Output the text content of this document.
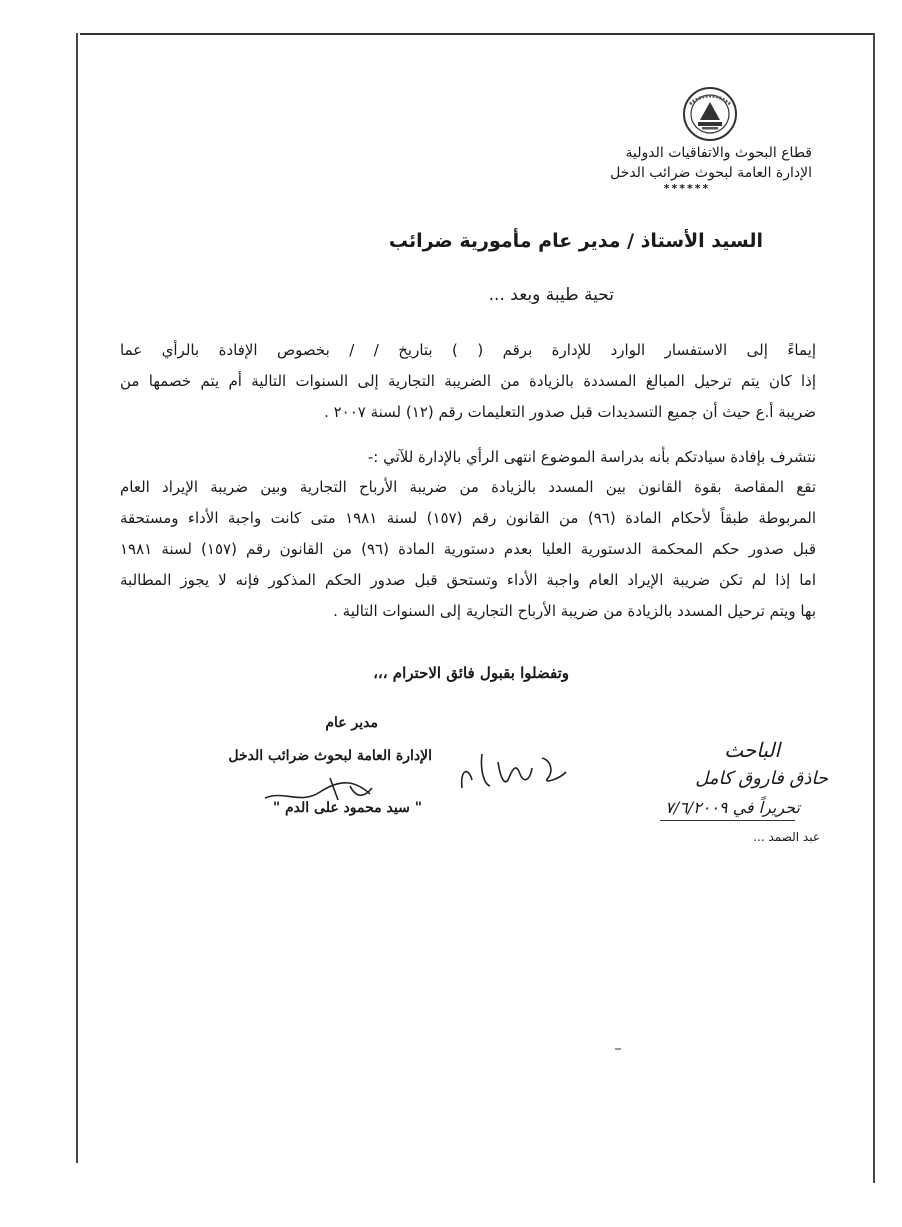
قطاع البحوث والاتفاقيات الدولية
الإدارة العامة لبحوث ضرائب الدخل
******
السيد الأستاذ / مدير عام مأمورية ضرائب
تحية طيبة وبعد ...
إيماءً إلى الاستفسار الوارد للإدارة برقم ( ) بتاريخ / / بخصوص الإفادة بالرأي عما
إذا كان يتم ترحيل المبالغ المسددة بالزيادة من الضريبة التجارية إلى السنوات التالية أم يتم خصمها من
ضريبة أ.ع حيث أن جميع التسديدات قبل صدور التعليمات رقم (١٢) لسنة ٢٠٠٧ .
نتشرف بإفادة سيادتكم بأنه بدراسة الموضوع انتهى الرأي بالإدارة للآتي :-
تقع المقاصة بقوة القانون بين المسدد بالزيادة من ضريبة الأرباح التجارية وبين ضريبة الإيراد العام
المربوطة طبقاً لأحكام المادة (٩٦) من القانون رقم (١٥٧) لسنة ١٩٨١ متى كانت واجبة الأداء ومستحقة
قبل صدور حكم المحكمة الدستورية العليا بعدم دستورية المادة (٩٦) من القانون رقم (١٥٧) لسنة ١٩٨١
اما إذا لم تكن ضريبة الإيراد العام واجبة الأداء وتستحق قبل صدور الحكم المذكور فإنه لا يجوز المطالبة
بها ويتم ترحيل المسدد بالزيادة من ضريبة الأرباح التجارية إلى السنوات التالية .
وتفضلوا بقبول فائق الاحترام ،،،
مدير عام
الإدارة العامة لبحوث ضرائب الدخل
" سيد محمود على الدم "
الباحث
حاذق فاروق كامل
تحريراً في ٧/٦/٢٠٠٩
عبد الصمد ...
